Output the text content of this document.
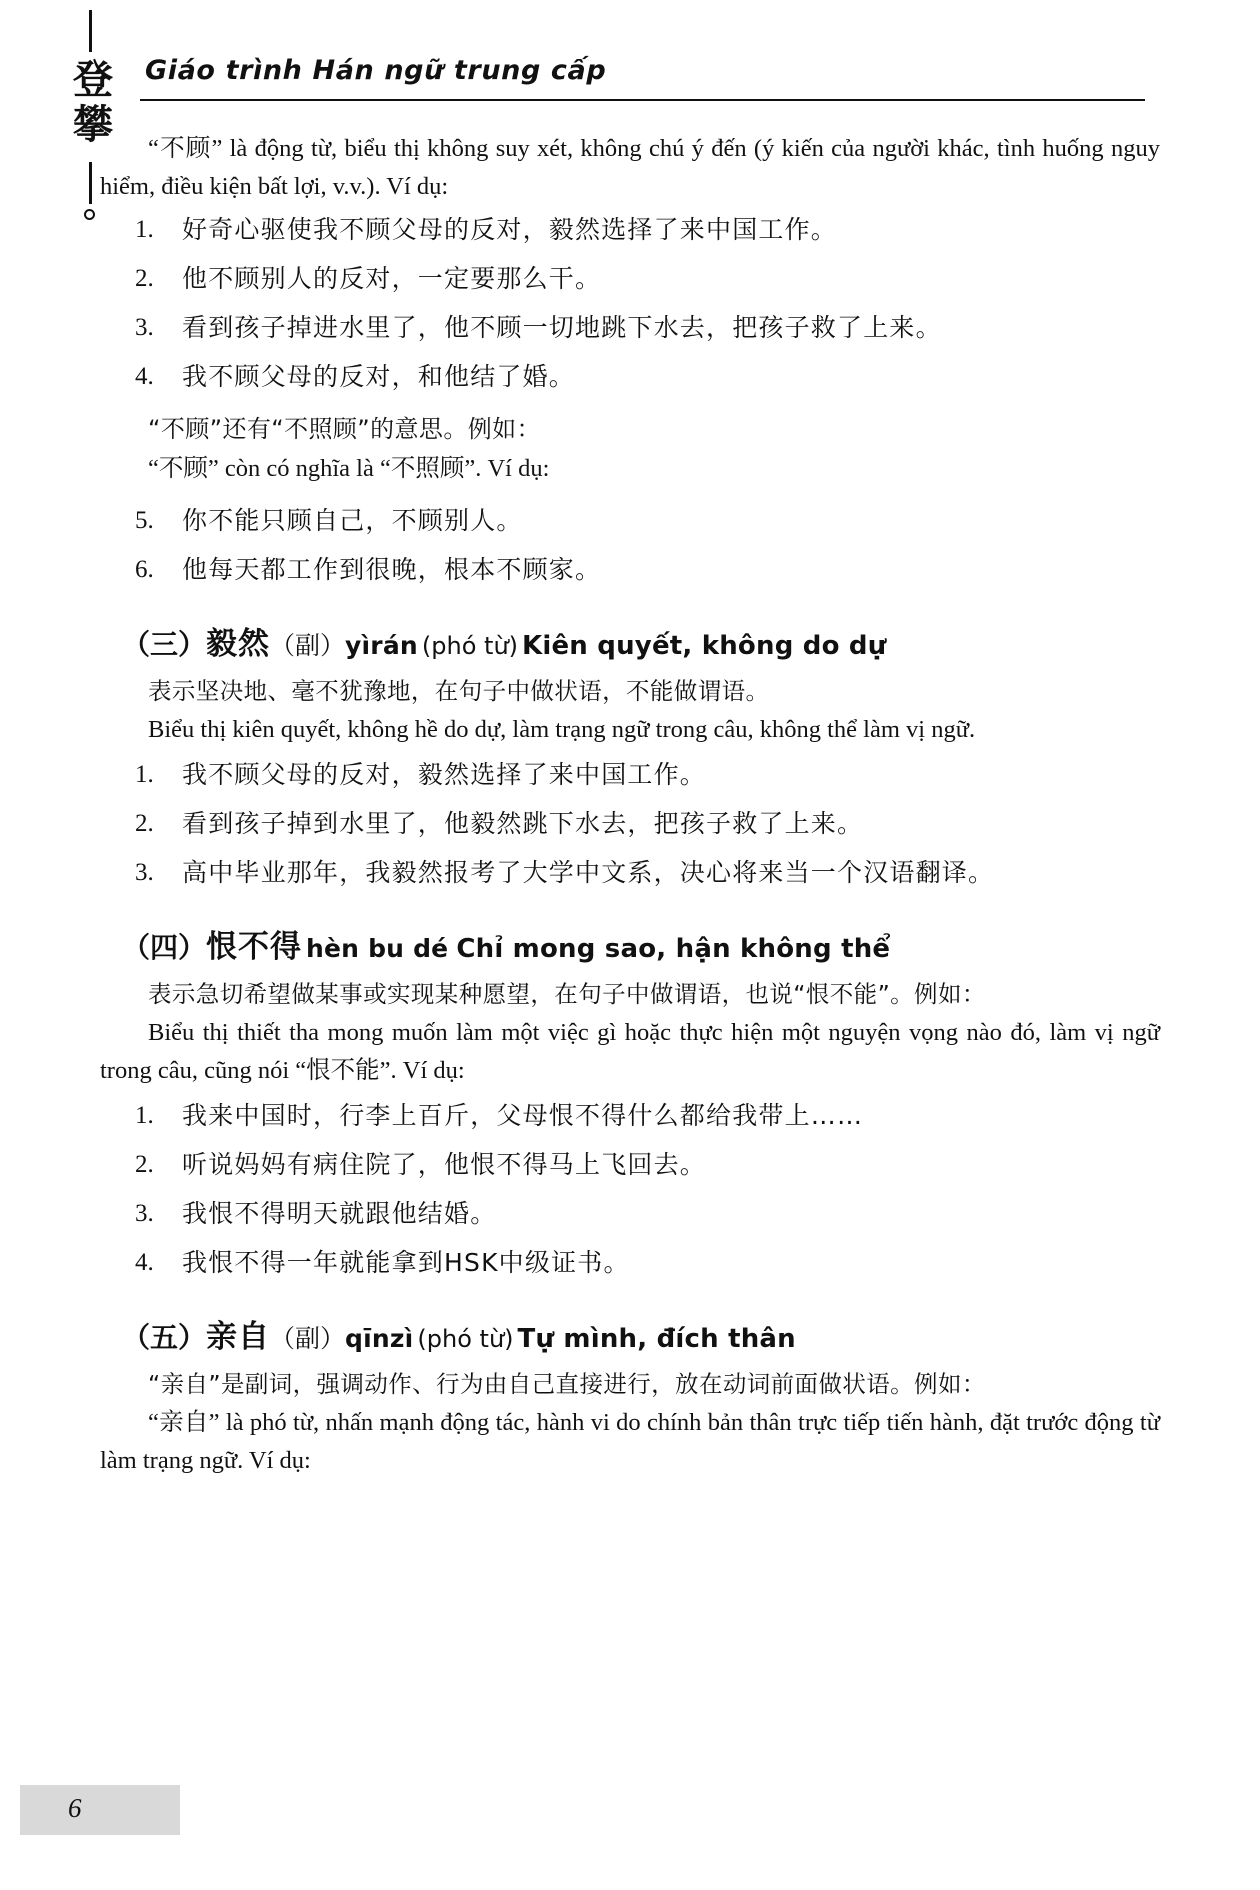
登
攀
Giáo trình Hán ngữ trung cấp

“不顾” là động từ, biểu thị không suy xét, không chú ý đến (ý kiến của người khác, tình huống nguy hiểm, điều kiện bất lợi, v.v.). Ví dụ:

1. 好奇心驱使我不顾父母的反对，毅然选择了来中国工作。
2. 他不顾别人的反对，一定要那么干。
3. 看到孩子掉进水里了，他不顾一切地跳下水去，把孩子救了上来。
4. 我不顾父母的反对，和他结了婚。
“不顾”还有“不照顾”的意思。例如：
“不顾” còn có nghĩa là “不照顾”. Ví dụ:
5. 你不能只顾自己，不顾别人。
6. 他每天都工作到很晚，根本不顾家。
（三）毅然（副）yìrán (phó từ) Kiên quyết, không do dự

表示坚决地、毫不犹豫地，在句子中做状语，不能做谓语。

Biểu thị kiên quyết, không hề do dự, làm trạng ngữ trong câu, không thể làm vị ngữ.

1. 我不顾父母的反对，毅然选择了来中国工作。
2. 看到孩子掉到水里了，他毅然跳下水去，把孩子救了上来。
3. 高中毕业那年，我毅然报考了大学中文系，决心将来当一个汉语翻译。
（四）恨不得 hèn bu dé Chỉ mong sao, hận không thể

表示急切希望做某事或实现某种愿望，在句子中做谓语，也说“恨不能”。例如：

Biểu thị thiết tha mong muốn làm một việc gì hoặc thực hiện một nguyện vọng nào đó, làm vị ngữ trong câu, cũng nói “恨不能”. Ví dụ:

1. 我来中国时，行李上百斤，父母恨不得什么都给我带上……
2. 听说妈妈有病住院了，他恨不得马上飞回去。
3. 我恨不得明天就跟他结婚。
4. 我恨不得一年就能拿到HSK中级证书。
（五）亲自（副）qīnzì (phó từ) Tự mình, đích thân

“亲自”是副词，强调动作、行为由自己直接进行，放在动词前面做状语。例如：

“亲自” là phó từ, nhấn mạnh động tác, hành vi do chính bản thân trực tiếp tiến hành, đặt trước động từ làm trạng ngữ. Ví dụ:

6
